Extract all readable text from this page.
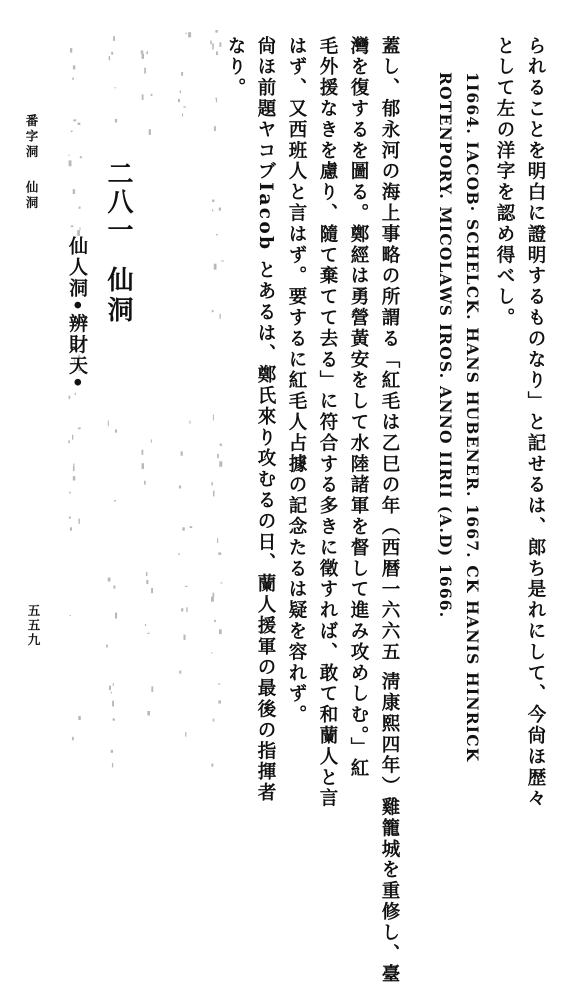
られることを明白に證明するものなり」と記せるは、郎ち是れにして、今尙ほ歴々
として左の洋字を認め得べし。
1I664. IACOB· SCHELCK. HANS HUBENER. 1667. CK HANIS HINRICK
ROTENPORY. MICOLAWS IROS. ANNO IIRII (A.D) 1666.
蓋し、郁永河の海上事略の所謂る「紅毛は乙巳の年（西暦一六六五 淸康熙四年）雞籠城を重修し、臺
灣を復するを圖る。鄭經は勇營黃安をして水陸諸軍を督して進み攻めしむ。」紅
毛外援なきを慮り、隨て棄てて去る」に符合する多きに徵すれば、敢て和蘭人と言
はず、又西班人と言はず。要するに紅毛人占據の記念たるは疑を容れず。
尙ほ前題ヤコブIacob とあるは、鄭氏來り攻むるの日、蘭人援軍の最後の指揮者
なり。
二八一仙洞
仙人洞•辨財天•
番字洞仙洞
五五九
